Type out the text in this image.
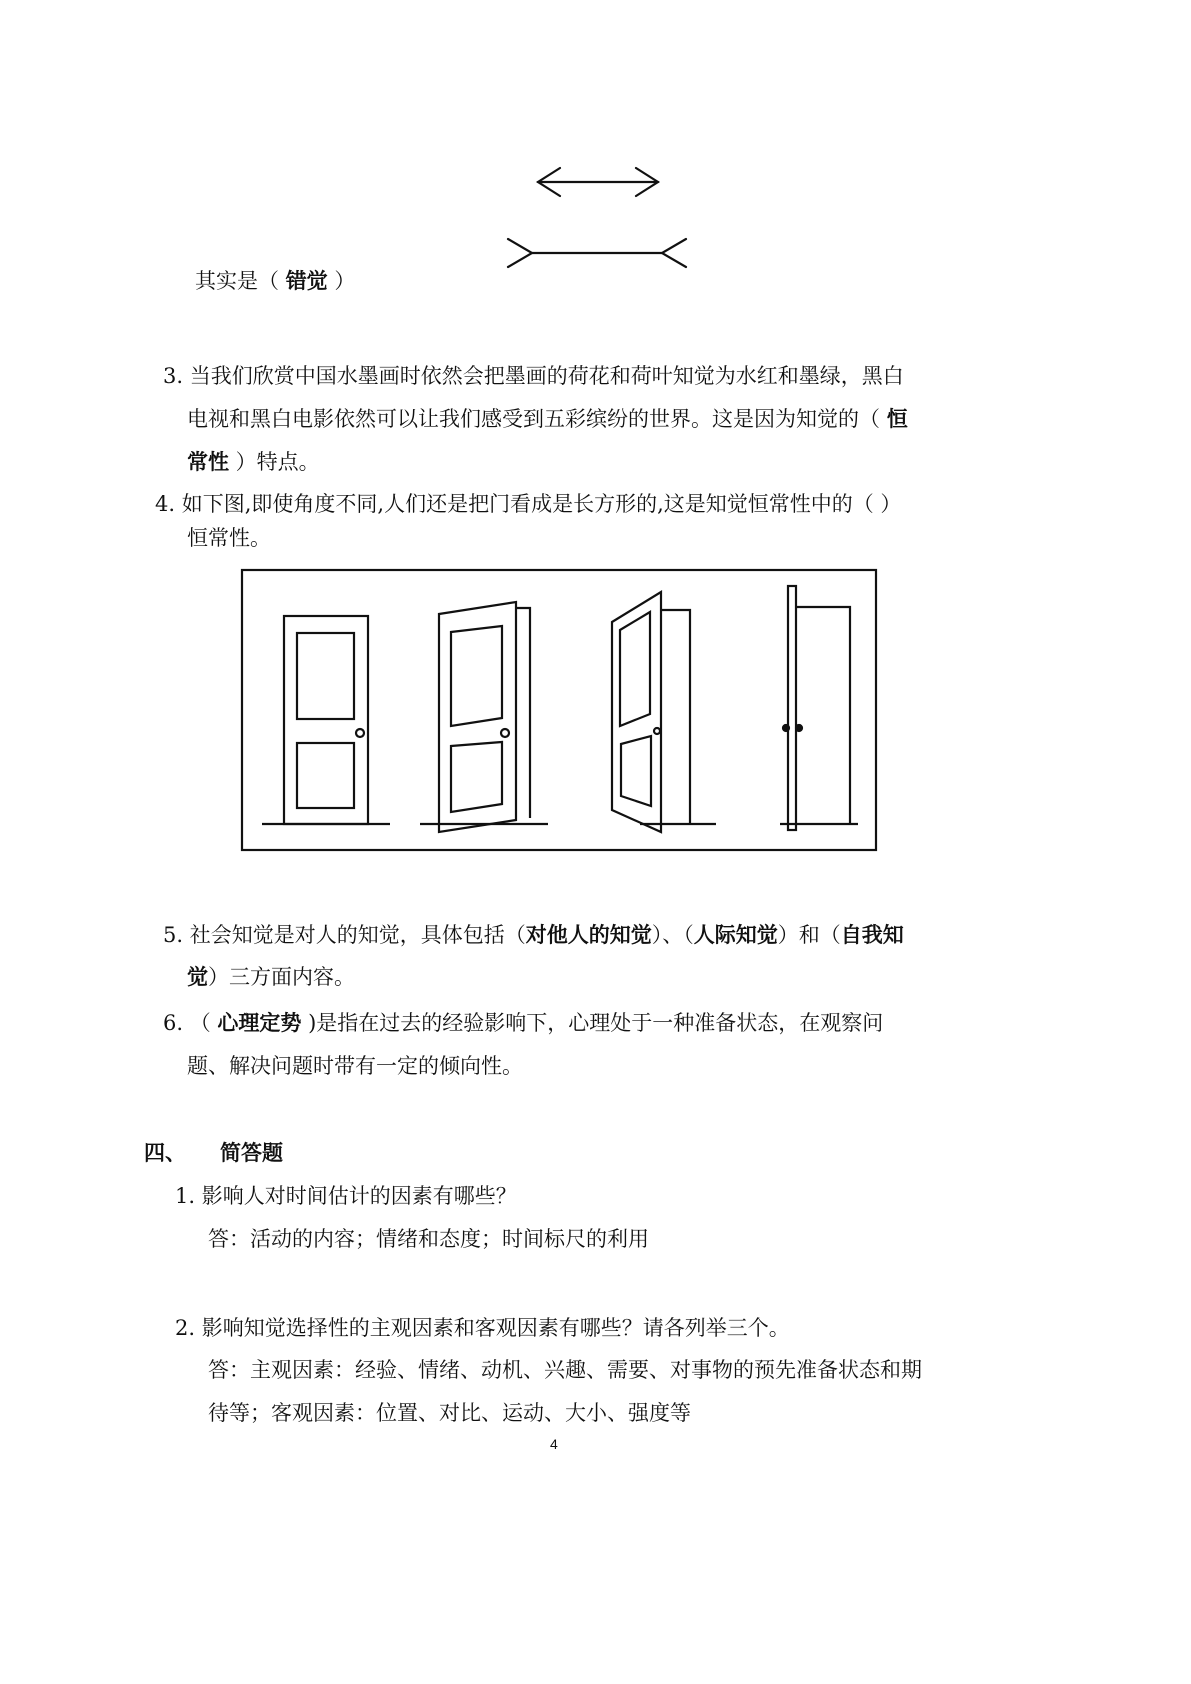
其实是（ 错觉 ）
3. 当我们欣赏中国水墨画时依然会把墨画的荷花和荷叶知觉为水红和墨绿，黑白
电视和黑白电影依然可以让我们感受到五彩缤纷的世界。这是因为知觉的（ 恒
常性 ）特点。
4. 如下图,即使角度不同,人们还是把门看成是长方形的,这是知觉恒常性中的（ ）
恒常性。
5. 社会知觉是对人的知觉，具体包括（对他人的知觉）、（人际知觉）和（自我知
觉）三方面内容。
6. （ 心理定势 )是指在过去的经验影响下，心理处于一种准备状态，在观察问
题、解决问题时带有一定的倾向性。
四、 简答题
1. 影响人对时间估计的因素有哪些？
答：活动的内容；情绪和态度；时间标尺的利用
2. 影响知觉选择性的主观因素和客观因素有哪些？请各列举三个。
答：主观因素：经验、情绪、动机、兴趣、需要、对事物的预先准备状态和期
待等；客观因素：位置、对比、运动、大小、强度等
4
